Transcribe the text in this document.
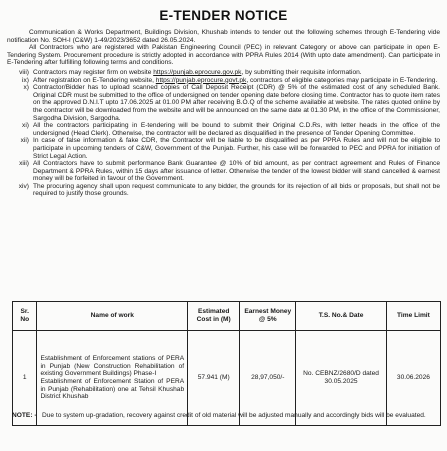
E-TENDER NOTICE

Communication & Works Department, Buildings Division, Khushab intends to tender out the following schemes through E-Tendering vide notification No. SOH-I (C&W) 1-49/2023/3652 dated 26.05.2024.

All Contractors who are registered with Pakistan Engineering Council (PEC) in relevant Category or above can participate in open E-Tendering System. Procurement procedure is strictly adopted in accordance with PPRA Rules 2014 (With upto date amendment). Can participate in E-Tendering after fulfilling following terms and conditions.

viii) Contractors may register firm on website https://punjab.eprocure.gov.pk, by submitting their requisite information.
ix) After registration on E-Tendering website, https://punjab.eprocure.govt.pk, contractors of eligible categories may participate in E-Tendering.
x) Contractor/Bidder has to upload scanned copies of Call Deposit Receipt (CDR) @ 5% of the estimated cost of any scheduled Bank. Original CDR must be submitted to the office of undersigned on tender opening date before closing time. Contractor has to quote item rates on the approved D.N.I.T upto 17.06.2025 at 01.00 PM after receiving B.O.Q of the scheme available at website. The rates quoted online by the contractor will be downloaded from the website and will be announced on the same date at 01.30 PM, in the office of the Commissioner, Sargodha Division, Sargodha.
xi) All the contractors participating in E-tendering will be bound to submit their Original C.D.Rs, with letter heads in the office of the undersigned (Head Clerk). Otherwise, the contractor will be declared as disqualified in the presence of Tender Opening Committee.
xii) In case of false information & fake CDR, the Contractor will be liable to be disqualified as per PPRA Rules and will not be eligible to participate in upcoming tenders of C&W, Government of the Punjab. Further, his case will be forwarded to PEC and PPRA for initiation of Strict Legal Action.
xiii) All Contractors have to submit performance Bank Guarantee @ 10% of bid amount, as per contract agreement and Rules of Finance Department & PPRA Rules, within 15 days after issuance of letter. Otherwise the tender of the lowest bidder will stand cancelled & earnest money will be forfeited in favour of the Government.
xiv) The procuring agency shall upon request communicate to any bidder, the grounds for its rejection of all bids or proposals, but shall not be required to justify those grounds.
Sr. No	Name of work	Estimated Cost in (M)	Earnest Money @ 5%	T.S. No.& Date	Time Limit
1	Establishment of Enforcement stations of PERA in Punjab (New Construction Rehabilitation of existing Government Buildings) Phase-I
Establishment of Enforcement Station of PERA in Punjab (Rehabilitation) one at Tehsil Khushab District Khushab	57.941 (M)	28,97,050/-	No. CEBNZ/2680/D dated 30.05.2025	30.06.2026
NOTE: - Due to system up-gradation, recovery against credit of old material will be adjusted manually and accordingly bids will be evaluated.
